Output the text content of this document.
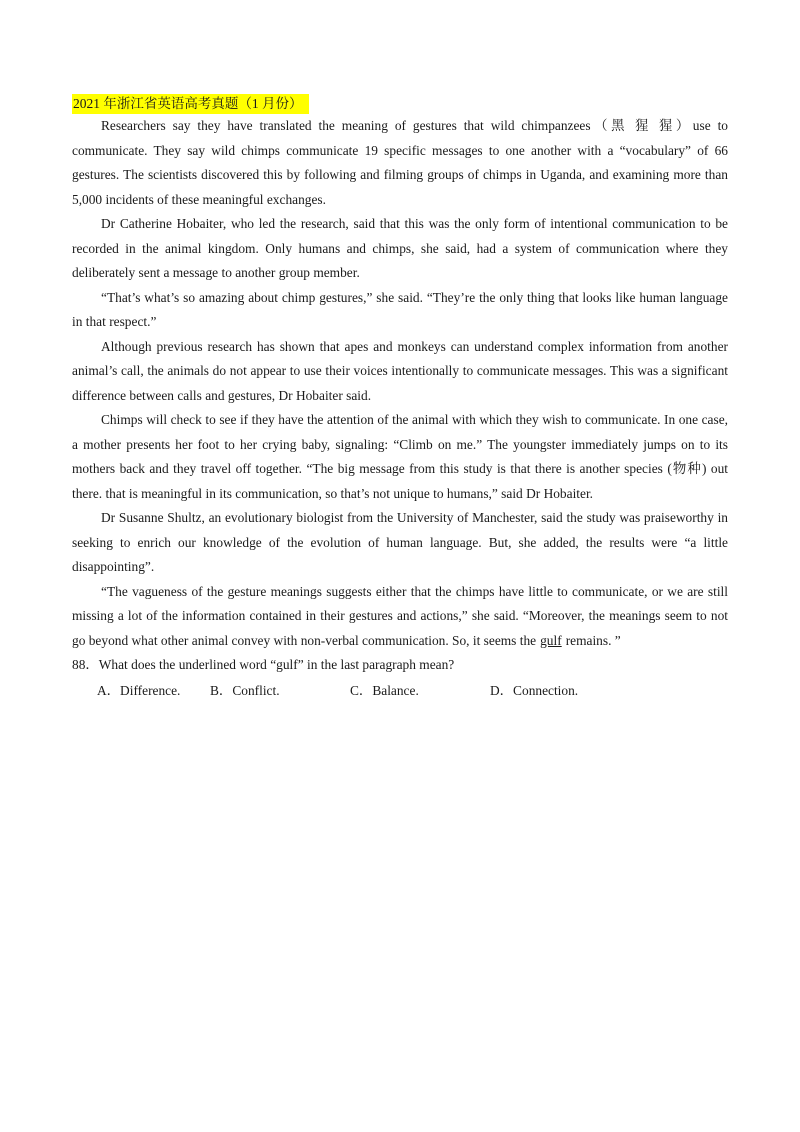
2021 年浙江省英语高考真题（1 月份）

Researchers say they have translated the meaning of gestures that wild chimpanzees（黑 猩 猩）use to communicate. They say wild chimps communicate 19 specific messages to one another with a “vocabulary” of 66 gestures. The scientists discovered this by following and filming groups of chimps in Uganda, and examining more than 5,000 incidents of these meaningful exchanges.

Dr Catherine Hobaiter, who led the research, said that this was the only form of intentional communication to be recorded in the animal kingdom. Only humans and chimps, she said, had a system of communication where they deliberately sent a message to another group member.

“That’s what’s so amazing about chimp gestures,” she said. “They’re the only thing that looks like human language in that respect.”

Although previous research has shown that apes and monkeys can understand complex information from another animal’s call, the animals do not appear to use their voices intentionally to communicate messages. This was a significant difference between calls and gestures, Dr Hobaiter said.

Chimps will check to see if they have the attention of the animal with which they wish to communicate. In one case, a mother presents her foot to her crying baby, signaling: “Climb on me.” The youngster immediately jumps on to its mothers back and they travel off together. “The big message from this study is that there is another species (物种) out there. that is meaningful in its communication, so that’s not unique to humans,” said Dr Hobaiter.

Dr Susanne Shultz, an evolutionary biologist from the University of Manchester, said the study was praiseworthy in seeking to enrich our knowledge of the evolution of human language. But, she added, the results were “a little disappointing”.

“The vagueness of the gesture meanings suggests either that the chimps have little to communicate, or we are still missing a lot of the information contained in their gestures and actions,” she said. “Moreover, the meanings seem to not go beyond what other animal convey with non-verbal communication. So, it seems the gulf remains. ”

88．What does the underlined word “gulf” in the last paragraph mean?

A．Difference.	B．Conflict.	C．Balance.	D．Connection.
